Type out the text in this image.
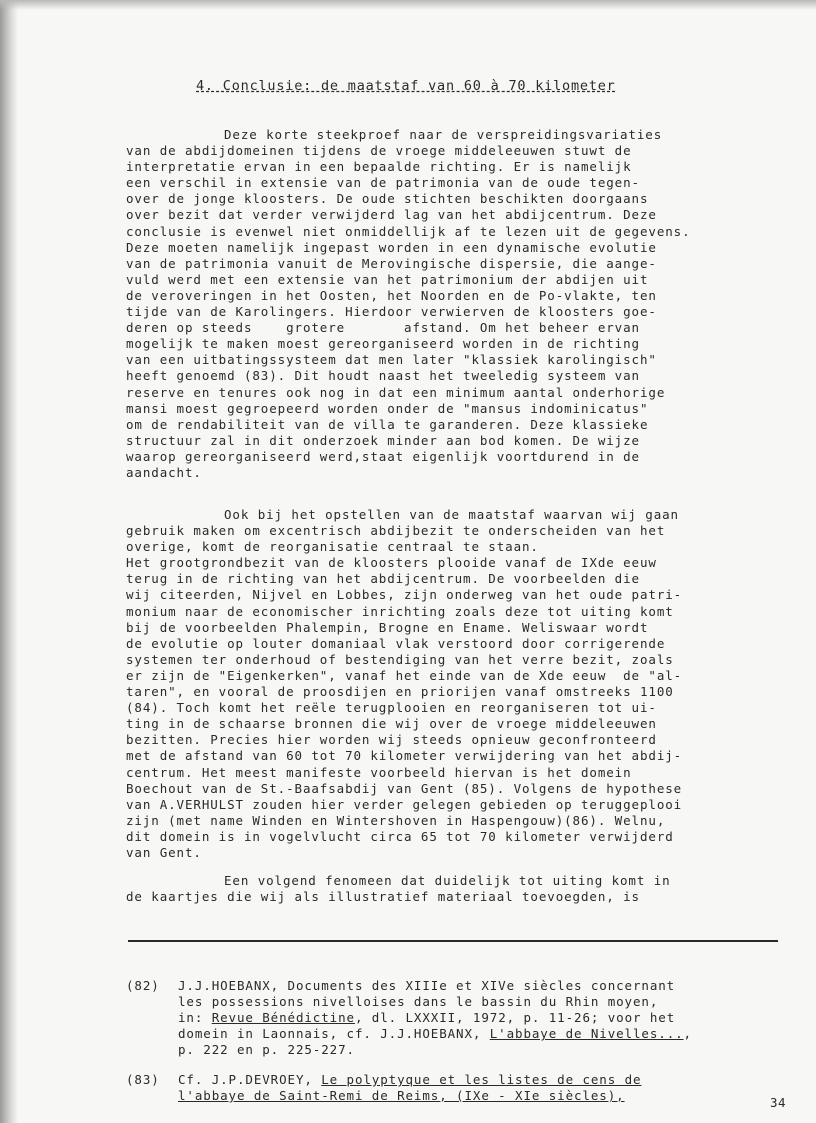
4. Conclusie: de maatstaf van 60 à 70 kilometer
Deze korte steekproef naar de verspreidingsvariaties
van de abdijdomeinen tijdens de vroege middeleeuwen stuwt de
interpretatie ervan in een bepaalde richting. Er is namelijk
een verschil in extensie van de patrimonia van de oude tegen-
over de jonge kloosters. De oude stichten beschikten doorgaans
over bezit dat verder verwijderd lag van het abdijcentrum. Deze
conclusie is evenwel niet onmiddellijk af te lezen uit de gegevens.
Deze moeten namelijk ingepast worden in een dynamische evolutie
van de patrimonia vanuit de Merovingische dispersie, die aange-
vuld werd met een extensie van het patrimonium der abdijen uit
de veroveringen in het Oosten, het Noorden en de Po-vlakte, ten
tijde van de Karolingers. Hierdoor verwierven de kloosters goe-
deren op steeds    grotere       afstand. Om het beheer ervan
mogelijk te maken moest gereorganiseerd worden in de richting
van een uitbatingssysteem dat men later "klassiek karolingisch"
heeft genoemd (83). Dit houdt naast het tweeledig systeem van
reserve en tenures ook nog in dat een minimum aantal onderhorige
mansi moest gegroepeerd worden onder de "mansus indominicatus"
om de rendabiliteit van de villa te garanderen. Deze klassieke
structuur zal in dit onderzoek minder aan bod komen. De wijze
waarop gereorganiseerd werd,staat eigenlijk voortdurend in de
aandacht.
Ook bij het opstellen van de maatstaf waarvan wij gaan
gebruik maken om excentrisch abdijbezit te onderscheiden van het
overige, komt de reorganisatie centraal te staan.
Het grootgrondbezit van de kloosters plooide vanaf de IXde eeuw
terug in de richting van het abdijcentrum. De voorbeelden die
wij citeerden, Nijvel en Lobbes, zijn onderweg van het oude patri-
monium naar de economischer inrichting zoals deze tot uiting komt
bij de voorbeelden Phalempin, Brogne en Ename. Weliswaar wordt
de evolutie op louter domaniaal vlak verstoord door corrigerende
systemen ter onderhoud of bestendiging van het verre bezit, zoals
er zijn de "Eigenkerken", vanaf het einde van de Xde eeuw  de "al-
taren", en vooral de proosdijen en priorijen vanaf omstreeks 1100
(84). Toch komt het reële terugplooien en reorganiseren tot ui-
ting in de schaarse bronnen die wij over de vroege middeleeuwen
bezitten. Precies hier worden wij steeds opnieuw geconfronteerd
met de afstand van 60 tot 70 kilometer verwijdering van het abdij-
centrum. Het meest manifeste voorbeeld hiervan is het domein
Boechout van de St.-Baafsabdij van Gent (85). Volgens de hypothese
van A.VERHULST zouden hier verder gelegen gebieden op teruggeplooi
zijn (met name Winden en Wintershoven in Haspengouw)(86). Welnu,
dit domein is in vogelvlucht circa 65 tot 70 kilometer verwijderd
van Gent.
Een volgend fenomeen dat duidelijk tot uiting komt in
de kaartjes die wij als illustratief materiaal toevoegden, is
(82) J.J.HOEBANX, Documents des XIIIe et XIVe siècles concernant
les possessions nivelloises dans le bassin du Rhin moyen,
in: Revue Bénédictine, dl. LXXXII, 1972, p. 11-26; voor het
domein in Laonnais, cf. J.J.HOEBANX, L'abbaye de Nivelles...,
p. 222 en p. 225-227.
(83) Cf. J.P.DEVROEY, Le polyptyque et les listes de cens de
l'abbaye de Saint-Remi de Reims, (IXe - XIe siècles),	34
